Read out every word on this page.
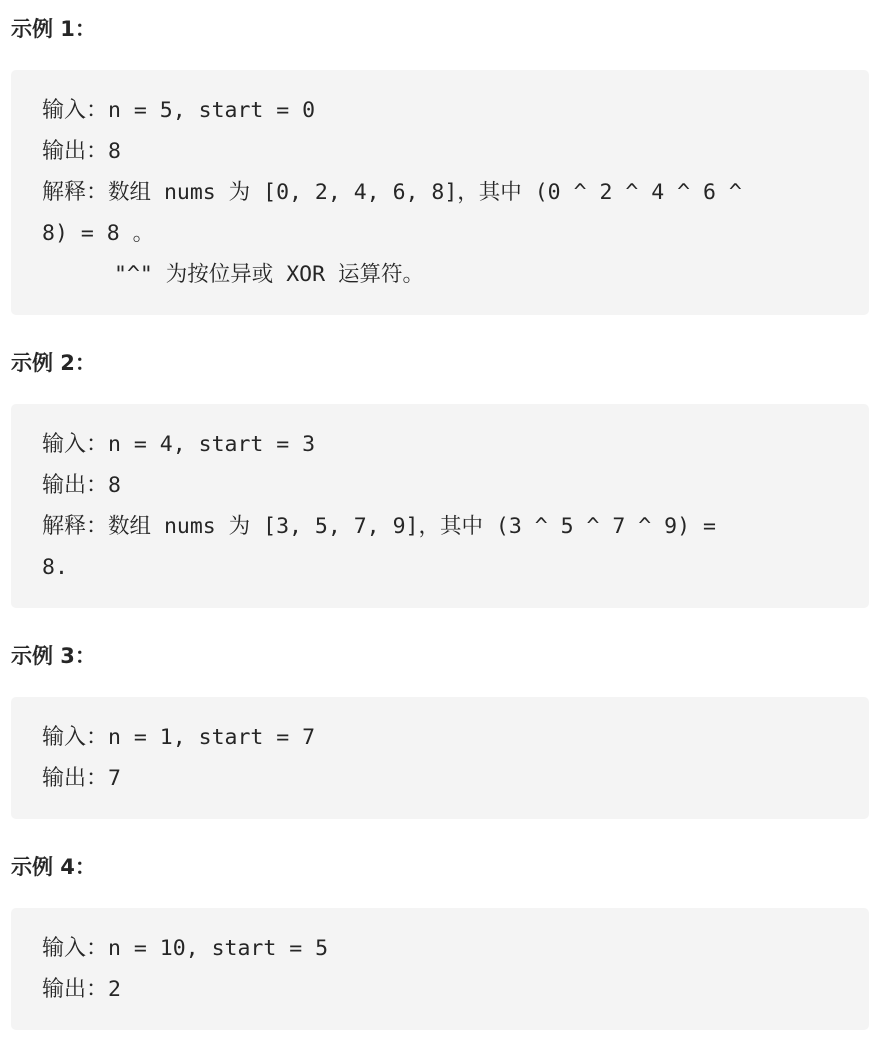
示例 1：
输入：n = 5, start = 0
输出：8
解释：数组 nums 为 [0, 2, 4, 6, 8]，其中 (0 ^ 2 ^ 4 ^ 6 ^
8) = 8 。
"^" 为按位异或 XOR 运算符。
示例 2：
输入：n = 4, start = 3
输出：8
解释：数组 nums 为 [3, 5, 7, 9]，其中 (3 ^ 5 ^ 7 ^ 9) =
8.
示例 3：
输入：n = 1, start = 7
输出：7
示例 4：
输入：n = 10, start = 5
输出：2
